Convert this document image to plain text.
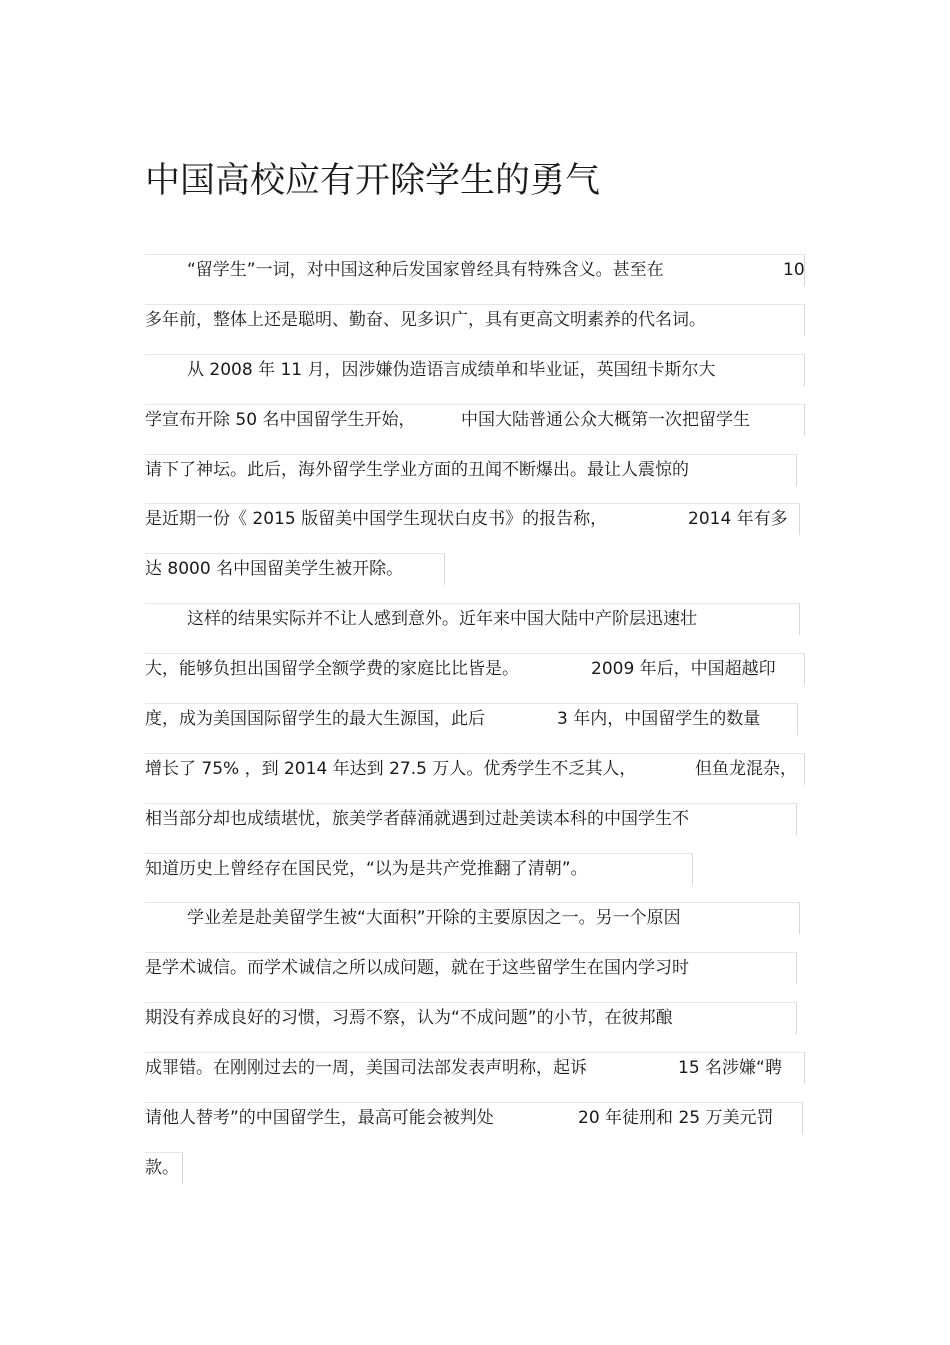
中国高校应有开除学生的勇气
“留学生”一词，对中国这种后发国家曾经具有特殊含义。甚至在	10
多年前，整体上还是聪明、勤奋、见多识广，具有更高文明素养的代名词。
从 2008 年 11 月，因涉嫌伪造语言成绩单和毕业证，英国纽卡斯尔大
学宣布开除 50 名中国留学生开始，	中国大陆普通公众大概第一次把留学生
请下了神坛。此后，海外留学生学业方面的丑闻不断爆出。最让人震惊的
是近期一份《 2015 版留美中国学生现状白皮书》的报告称，	2014 年有多
达 8000 名中国留美学生被开除。
这样的结果实际并不让人感到意外。近年来中国大陆中产阶层迅速壮
大，能够负担出国留学全额学费的家庭比比皆是。	2009 年后，中国超越印
度，成为美国国际留学生的最大生源国，此后	3 年内，中国留学生的数量
增长了 75% ，到 2014 年达到 27.5 万人。优秀学生不乏其人，	但鱼龙混杂，
相当部分却也成绩堪忧，旅美学者薛涌就遇到过赴美读本科的中国学生不
知道历史上曾经存在国民党，“以为是共产党推翻了清朝”。
学业差是赴美留学生被“大面积”开除的主要原因之一。另一个原因
是学术诚信。而学术诚信之所以成问题，就在于这些留学生在国内学习时
期没有养成良好的习惯，习焉不察，认为“不成问题”的小节，在彼邦酿
成罪错。在刚刚过去的一周，美国司法部发表声明称，起诉	15 名涉嫌“聘
请他人替考”的中国留学生，最高可能会被判处	20 年徒刑和 25 万美元罚
款。
